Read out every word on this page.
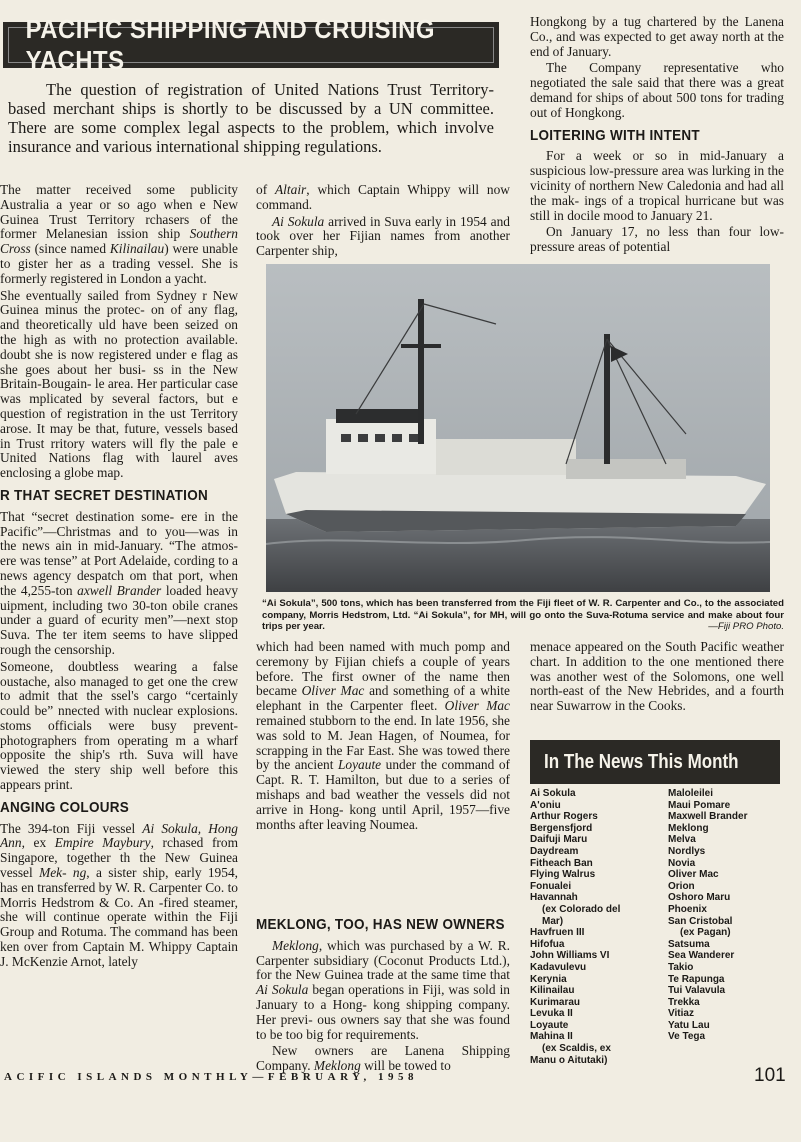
PACIFIC SHIPPING AND CRUISING YACHTS
The question of registration of United Nations Trust Territory-based merchant ships is shortly to be discussed by a UN committee. There are some complex legal aspects to the problem, which involve insurance and various international shipping regulations.

The matter received some publicity Australia a year or so ago when e New Guinea Trust Territory rchasers of the former Melanesian ission ship Southern Cross (since named Kilinailau) were unable to gister her as a trading vessel. She is formerly registered in London a yacht.

She eventually sailed from Sydney r New Guinea minus the protec- on of any flag, and theoretically uld have been seized on the high as with no protection available. doubt she is now registered under e flag as she goes about her busi- ss in the New Britain-Bougain- le area. Her particular case was mplicated by several factors, but e question of registration in the ust Territory arose. It may be that, future, vessels based in Trust rritory waters will fly the pale e United Nations flag with laurel aves enclosing a globe map.

R THAT SECRET DESTINATION

That “secret destination some- ere in the Pacific”—Christmas and to you—was in the news ain in mid-January. “The atmos- ere was tense” at Port Adelaide, cording to a news agency despatch om that port, when the 4,255-ton axwell Brander loaded heavy uipment, including two 30-ton obile cranes under a guard of ecurity men”—next stop Suva. The ter item seems to have slipped rough the censorship.

Someone, doubtless wearing a false oustache, also managed to get one the crew to admit that the ssel's cargo “certainly could be” nnected with nuclear explosions. stoms officials were busy prevent- photographers from operating m a wharf opposite the ship's rth. Suva will have viewed the stery ship well before this appears print.

ANGING COLOURS

The 394-ton Fiji vessel Ai Sokula, Hong Ann, ex Empire Maybury, rchased from Singapore, together th the New Guinea vessel Mek- ng, a sister ship, early 1954, has en transferred by W. R. Carpenter Co. to Morris Hedstrom & Co. An -fired steamer, she will continue operate within the Fiji Group and Rotuma. The command has been ken over from Captain M. Whippy Captain J. McKenzie Arnot, lately

of Altair, which Captain Whippy will now command.

Ai Sokula arrived in Suva early in 1954 and took over her Fijian names from another Carpenter ship,

Hongkong by a tug chartered by the Lanena Co., and was expected to get away north at the end of January.

The Company representative who negotiated the sale said that there was a great demand for ships of about 500 tons for trading out of Hongkong.

LOITERING WITH INTENT

For a week or so in mid-January a suspicious low-pressure area was lurking in the vicinity of northern New Caledonia and had all the mak- ings of a tropical hurricane but was still in docile mood to January 21.

On January 17, no less than four low-pressure areas of potential

“Ai Sokula”, 500 tons, which has been transferred from the Fiji fleet of W. R. Carpenter and Co., to the associated company, Morris Hedstrom, Ltd. “Ai Sokula”, for MH, will go onto the Suva-Rotuma service and make about four trips per year.	—Fiji PRO Photo.

which had been named with much pomp and ceremony by Fijian chiefs a couple of years before. The first owner of the name then became Oliver Mac and something of a white elephant in the Carpenter fleet. Oliver Mac remained stubborn to the end. In late 1956, she was sold to M. Jean Hagen, of Noumea, for scrapping in the Far East. She was towed there by the ancient Loyaute under the command of Capt. R. T. Hamilton, but due to a series of mishaps and bad weather the vessels did not arrive in Hong- kong until April, 1957—five months after leaving Noumea.

MEKLONG, TOO, HAS NEW OWNERS

Meklong, which was purchased by a W. R. Carpenter subsidiary (Coconut Products Ltd.), for the New Guinea trade at the same time that Ai Sokula began operations in Fiji, was sold in January to a Hong- kong shipping company. Her previ- ous owners say that she was found to be too big for requirements.

New owners are Lanena Shipping Company. Meklong will be towed to

menace appeared on the South Pacific weather chart. In addition to the one mentioned there was another west of the Solomons, one well north-east of the New Hebrides, and a fourth near Suwarrow in the Cooks.

In The News This Month
Ai Sokula
A'oniu
Arthur Rogers
Bergensfjord
Daifuji Maru
Daydream
Fitheach Ban
Flying Walrus
Fonualei
Havannah
(ex Colorado del
Mar)
Havfruen III
Hifofua
John Williams VI
Kadavulevu
Kerynia
Kilinailau
Kurimarau
Levuka II
Loyaute
Mahina II
(ex Scaldis, ex
Manu o Aitutaki)
Maloleilei
Maui Pomare
Maxwell Brander
Meklong
Melva
Nordlys
Novia
Oliver Mac
Orion
Oshoro Maru
Phoenix
San Cristobal
(ex Pagan)
Satsuma
Sea Wanderer
Takio
Te Rapunga
Tui Valavula
Trekka
Vitiaz
Yatu Lau
Ve Tega
ACIFIC ISLANDS MONTHLY—FEBRUARY, 1958	101
